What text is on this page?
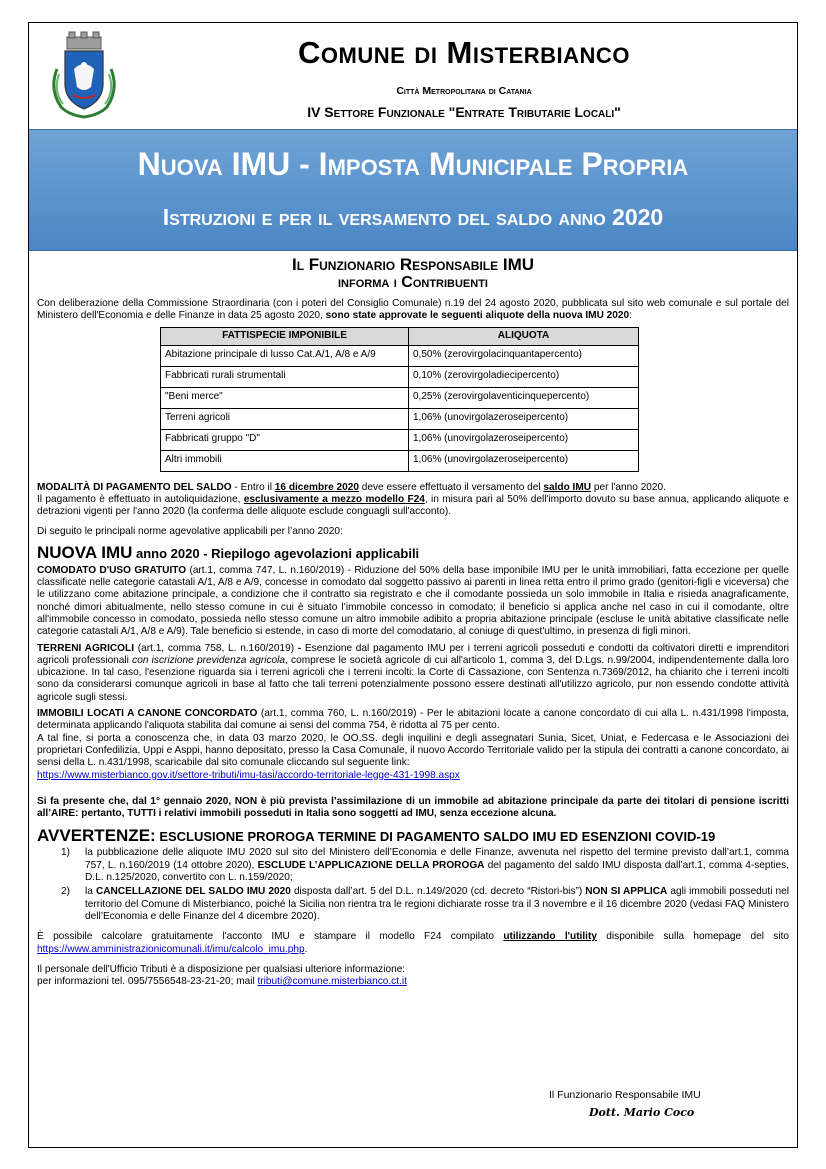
Comune di Misterbianco
Città Metropolitana di Catania
IV Settore Funzionale "Entrate Tributarie Locali"
Nuova IMU - Imposta Municipale Propria
Istruzioni e per il versamento del saldo anno 2020
Il Funzionario Responsabile IMU
informa i Contribuenti

Con deliberazione della Commissione Straordinaria (con i poteri del Consiglio Comunale) n.19 del 24 agosto 2020, pubblicata sul sito web comunale e sul portale del Ministero dell'Economia e delle Finanze in data 25 agosto 2020, sono state approvate le seguenti aliquote della nuova IMU 2020:

FATTISPECIE IMPONIBILE	ALIQUOTA
Abitazione principale di lusso Cat.A/1, A/8 e A/9	0,50% (zerovirgolacinquantapercento)
Fabbricati rurali strumentali	0,10% (zerovirgoladiecipercento)
"Beni merce"	0,25% (zerovirgolaventicinquepercento)
Terreni agricoli	1,06% (unovirgolazeroseipercento)
Fabbricati gruppo "D"	1,06% (unovirgolazeroseipercento)
Altri immobili	1,06% (unovirgolazeroseipercento)

MODALITÀ DI PAGAMENTO DEL SALDO - Entro il 16 dicembre 2020 deve essere effettuato il versamento del saldo IMU per l'anno 2020.
Il pagamento è effettuato in autoliquidazione, esclusivamente a mezzo modello F24, in misura pari al 50% dell'importo dovuto su base annua, applicando aliquote e detrazioni vigenti per l'anno 2020 (la conferma delle aliquote esclude conguagli sull'acconto).

Di seguito le principali norme agevolative applicabili per l’anno 2020:

NUOVA IMU anno 2020 - Riepilogo agevolazioni applicabili

COMODATO D'USO GRATUITO (art.1, comma 747, L. n.160/2019) - Riduzione del 50% della base imponibile IMU per le unità immobiliari, fatta eccezione per quelle classificate nelle categorie catastali A/1, A/8 e A/9, concesse in comodato dal soggetto passivo ai parenti in linea retta entro il primo grado (genitori-figli e viceversa) che le utilizzano come abitazione principale, a condizione che il contratto sia registrato e che il comodante possieda un solo immobile in Italia e risieda anagraficamente, nonché dimori abitualmente, nello stesso comune in cui è situato l’immobile concesso in comodato; il beneficio si applica anche nel caso in cui il comodante, oltre all'immobile concesso in comodato, possieda nello stesso comune un altro immobile adibito a propria abitazione principale (escluse le unità abitative classificate nelle categorie catastali A/1, A/8 e A/9). Tale beneficio si estende, in caso di morte del comodatario, al coniuge di quest'ultimo, in presenza di figli minori.

TERRENI AGRICOLI (art.1, comma 758, L. n.160/2019) - Esenzione dal pagamento IMU per i terreni agricoli posseduti e condotti da coltivatori diretti e imprenditori agricoli professionali con iscrizione previdenza agricola, comprese le società agricole di cui all'articolo 1, comma 3, del D.Lgs. n.99/2004, indipendentemente dalla loro ubicazione. In tal caso, l'esenzione riguarda sia i terreni agricoli che i terreni incolti: la Corte di Cassazione, con Sentenza n.7369/2012, ha chiarito che i terreni incolti sono da considerarsi comunque agricoli in base al fatto che tali terreni potenzialmente possono essere destinati all'utilizzo agricolo, pur non essendo condotte attività agricole sugli stessi.

IMMOBILI LOCATI A CANONE CONCORDATO (art.1, comma 760, L. n.160/2019) - Per le abitazioni locate a canone concordato di cui alla L. n.431/1998 l'imposta, determinata applicando l'aliquota stabilita dal comune ai sensi del comma 754, è ridotta al 75 per cento.
A tal fine, si porta a conoscenza che, in data 03 marzo 2020, le OO.SS. degli inquilini e degli assegnatari Sunia, Sicet, Uniat, e Federcasa e le Associazioni dei proprietari Confedilizia, Uppi e Asppi, hanno depositato, presso la Casa Comunale, il nuovo Accordo Territoriale valido per la stipula dei contratti a canone concordato, ai sensi della L. n.431/1998, scaricabile dal sito comunale cliccando sul seguente link:
https://www.misterbianco.gov.it/settore-tributi/imu-tasi/accordo-territoriale-legge-431-1998.aspx

Si fa presente che, dal 1° gennaio 2020, NON è più prevista l’assimilazione di un immobile ad abitazione principale da parte dei titolari di pensione iscritti all’AIRE: pertanto, TUTTI i relativi immobili posseduti in Italia sono soggetti ad IMU, senza eccezione alcuna.

AVVERTENZE: ESCLUSIONE PROROGA TERMINE DI PAGAMENTO SALDO IMU ED ESENZIONI COVID-19
1) la pubblicazione delle aliquote IMU 2020 sul sito del Ministero dell’Economia e delle Finanze, avvenuta nel rispetto del termine previsto dall’art.1, comma 757, L. n.160/2019 (14 ottobre 2020), ESCLUDE L’APPLICAZIONE DELLA PROROGA del pagamento del saldo IMU disposta dall’art.1, comma 4-septies, D.L. n.125/2020, convertito con L. n.159/2020;
2) la CANCELLAZIONE DEL SALDO IMU 2020 disposta dall’art. 5 del D.L. n.149/2020 (cd. decreto “Ristori-bis”) NON SI APPLICA agli immobili posseduti nel territorio del Comune di Misterbianco, poiché la Sicilia non rientra tra le regioni dichiarate rosse tra il 3 novembre e il 16 dicembre 2020 (vedasi FAQ Ministero dell’Economia e delle Finanze del 4 dicembre 2020).

È possibile calcolare gratuitamente l'acconto IMU e stampare il modello F24 compilato utilizzando l'utility disponibile sulla homepage del sito https://www.amministrazionicomunali.it/imu/calcolo_imu.php.

Il personale dell'Ufficio Tributi è a disposizione per qualsiasi ulteriore informazione:
per informazioni tel. 095/7556548-23-21-20; mail tributi@comune.misterbianco.ct.it

Il Funzionario Responsabile IMU
Dott. Mario Coco
